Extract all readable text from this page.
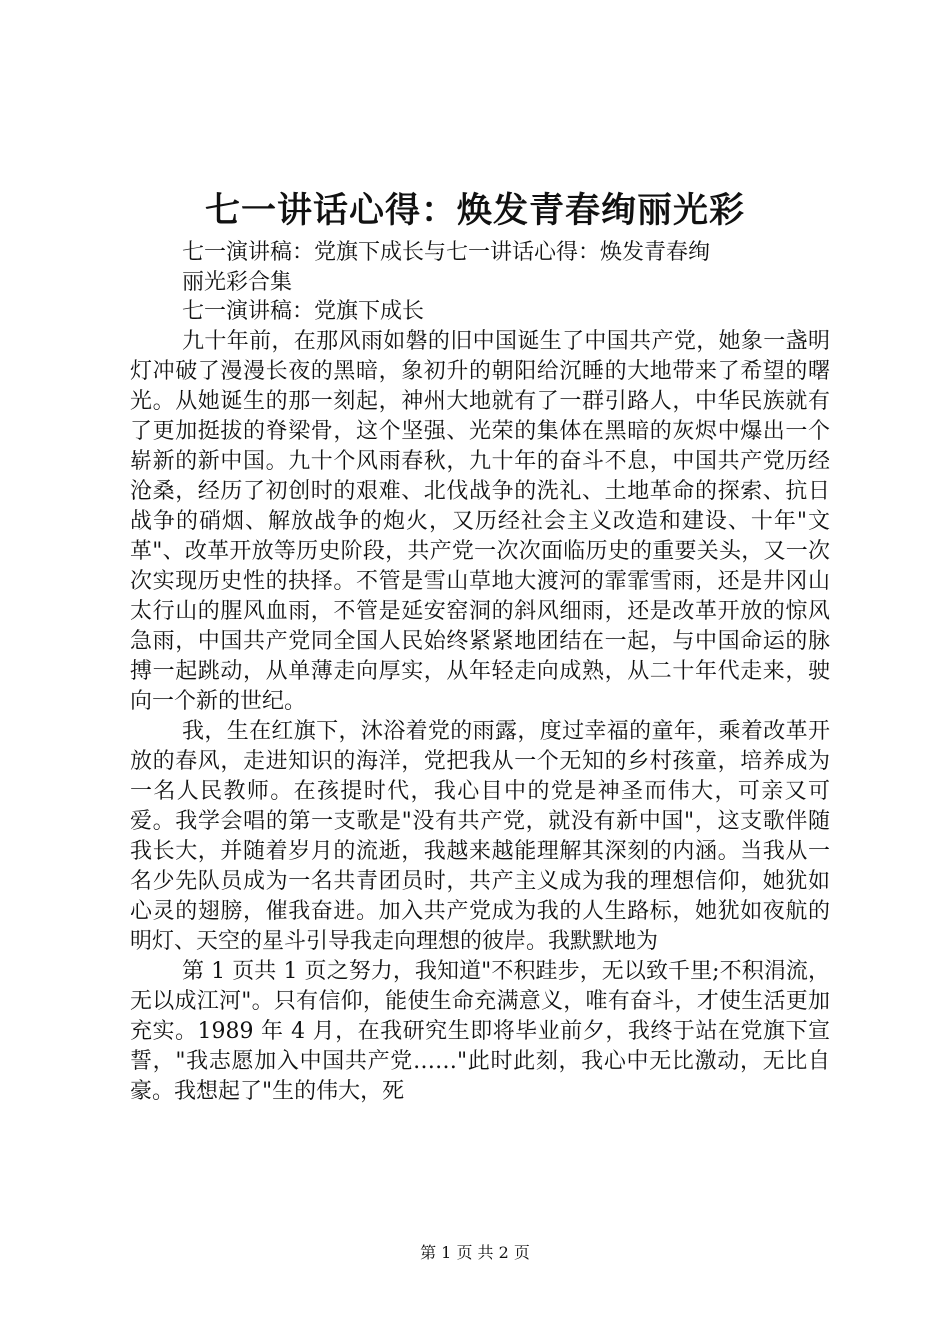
七一讲话心得：焕发青春绚丽光彩
七一演讲稿：党旗下成长与七一讲话心得：焕发青春绚
丽光彩合集
七一演讲稿：党旗下成长

九十年前，在那风雨如磐的旧中国诞生了中国共产党，她象一盏明灯冲破了漫漫长夜的黑暗，象初升的朝阳给沉睡的大地带来了希望的曙光。从她诞生的那一刻起，神州大地就有了一群引路人，中华民族就有了更加挺拔的脊梁骨，这个坚强、光荣的集体在黑暗的灰烬中爆出一个崭新的新中国。九十个风雨春秋，九十年的奋斗不息，中国共产党历经沧桑，经历了初创时的艰难、北伐战争的洗礼、土地革命的探索、抗日战争的硝烟、解放战争的炮火，又历经社会主义改造和建设、十年"文革"、改革开放等历史阶段，共产党一次次面临历史的重要关头，又一次次实现历史性的抉择。不管是雪山草地大渡河的霏霏雪雨，还是井冈山太行山的腥风血雨，不管是延安窑洞的斜风细雨，还是改革开放的惊风急雨，中国共产党同全国人民始终紧紧地团结在一起，与中国命运的脉搏一起跳动，从单薄走向厚实，从年轻走向成熟，从二十年代走来，驶向一个新的世纪。

我，生在红旗下，沐浴着党的雨露，度过幸福的童年，乘着改革开放的春风，走进知识的海洋，党把我从一个无知的乡村孩童，培养成为一名人民教师。在孩提时代，我心目中的党是神圣而伟大，可亲又可爱。我学会唱的第一支歌是"没有共产党，就没有新中国"，这支歌伴随我长大，并随着岁月的流逝，我越来越能理解其深刻的内涵。当我从一名少先队员成为一名共青团员时，共产主义成为我的理想信仰，她犹如心灵的翅膀，催我奋进。加入共产党成为我的人生路标，她犹如夜航的明灯、天空的星斗引导我走向理想的彼岸。我默默地为

第 1 页共 1 页之努力，我知道"不积跬步，无以致千里;不积涓流，无以成江河"。只有信仰，能使生命充满意义，唯有奋斗，才使生活更加充实。1989 年 4 月，在我研究生即将毕业前夕，我终于站在党旗下宣誓，"我志愿加入中国共产党……"此时此刻，我心中无比激动，无比自豪。我想起了"生的伟大，死

第 1 页 共 2 页
